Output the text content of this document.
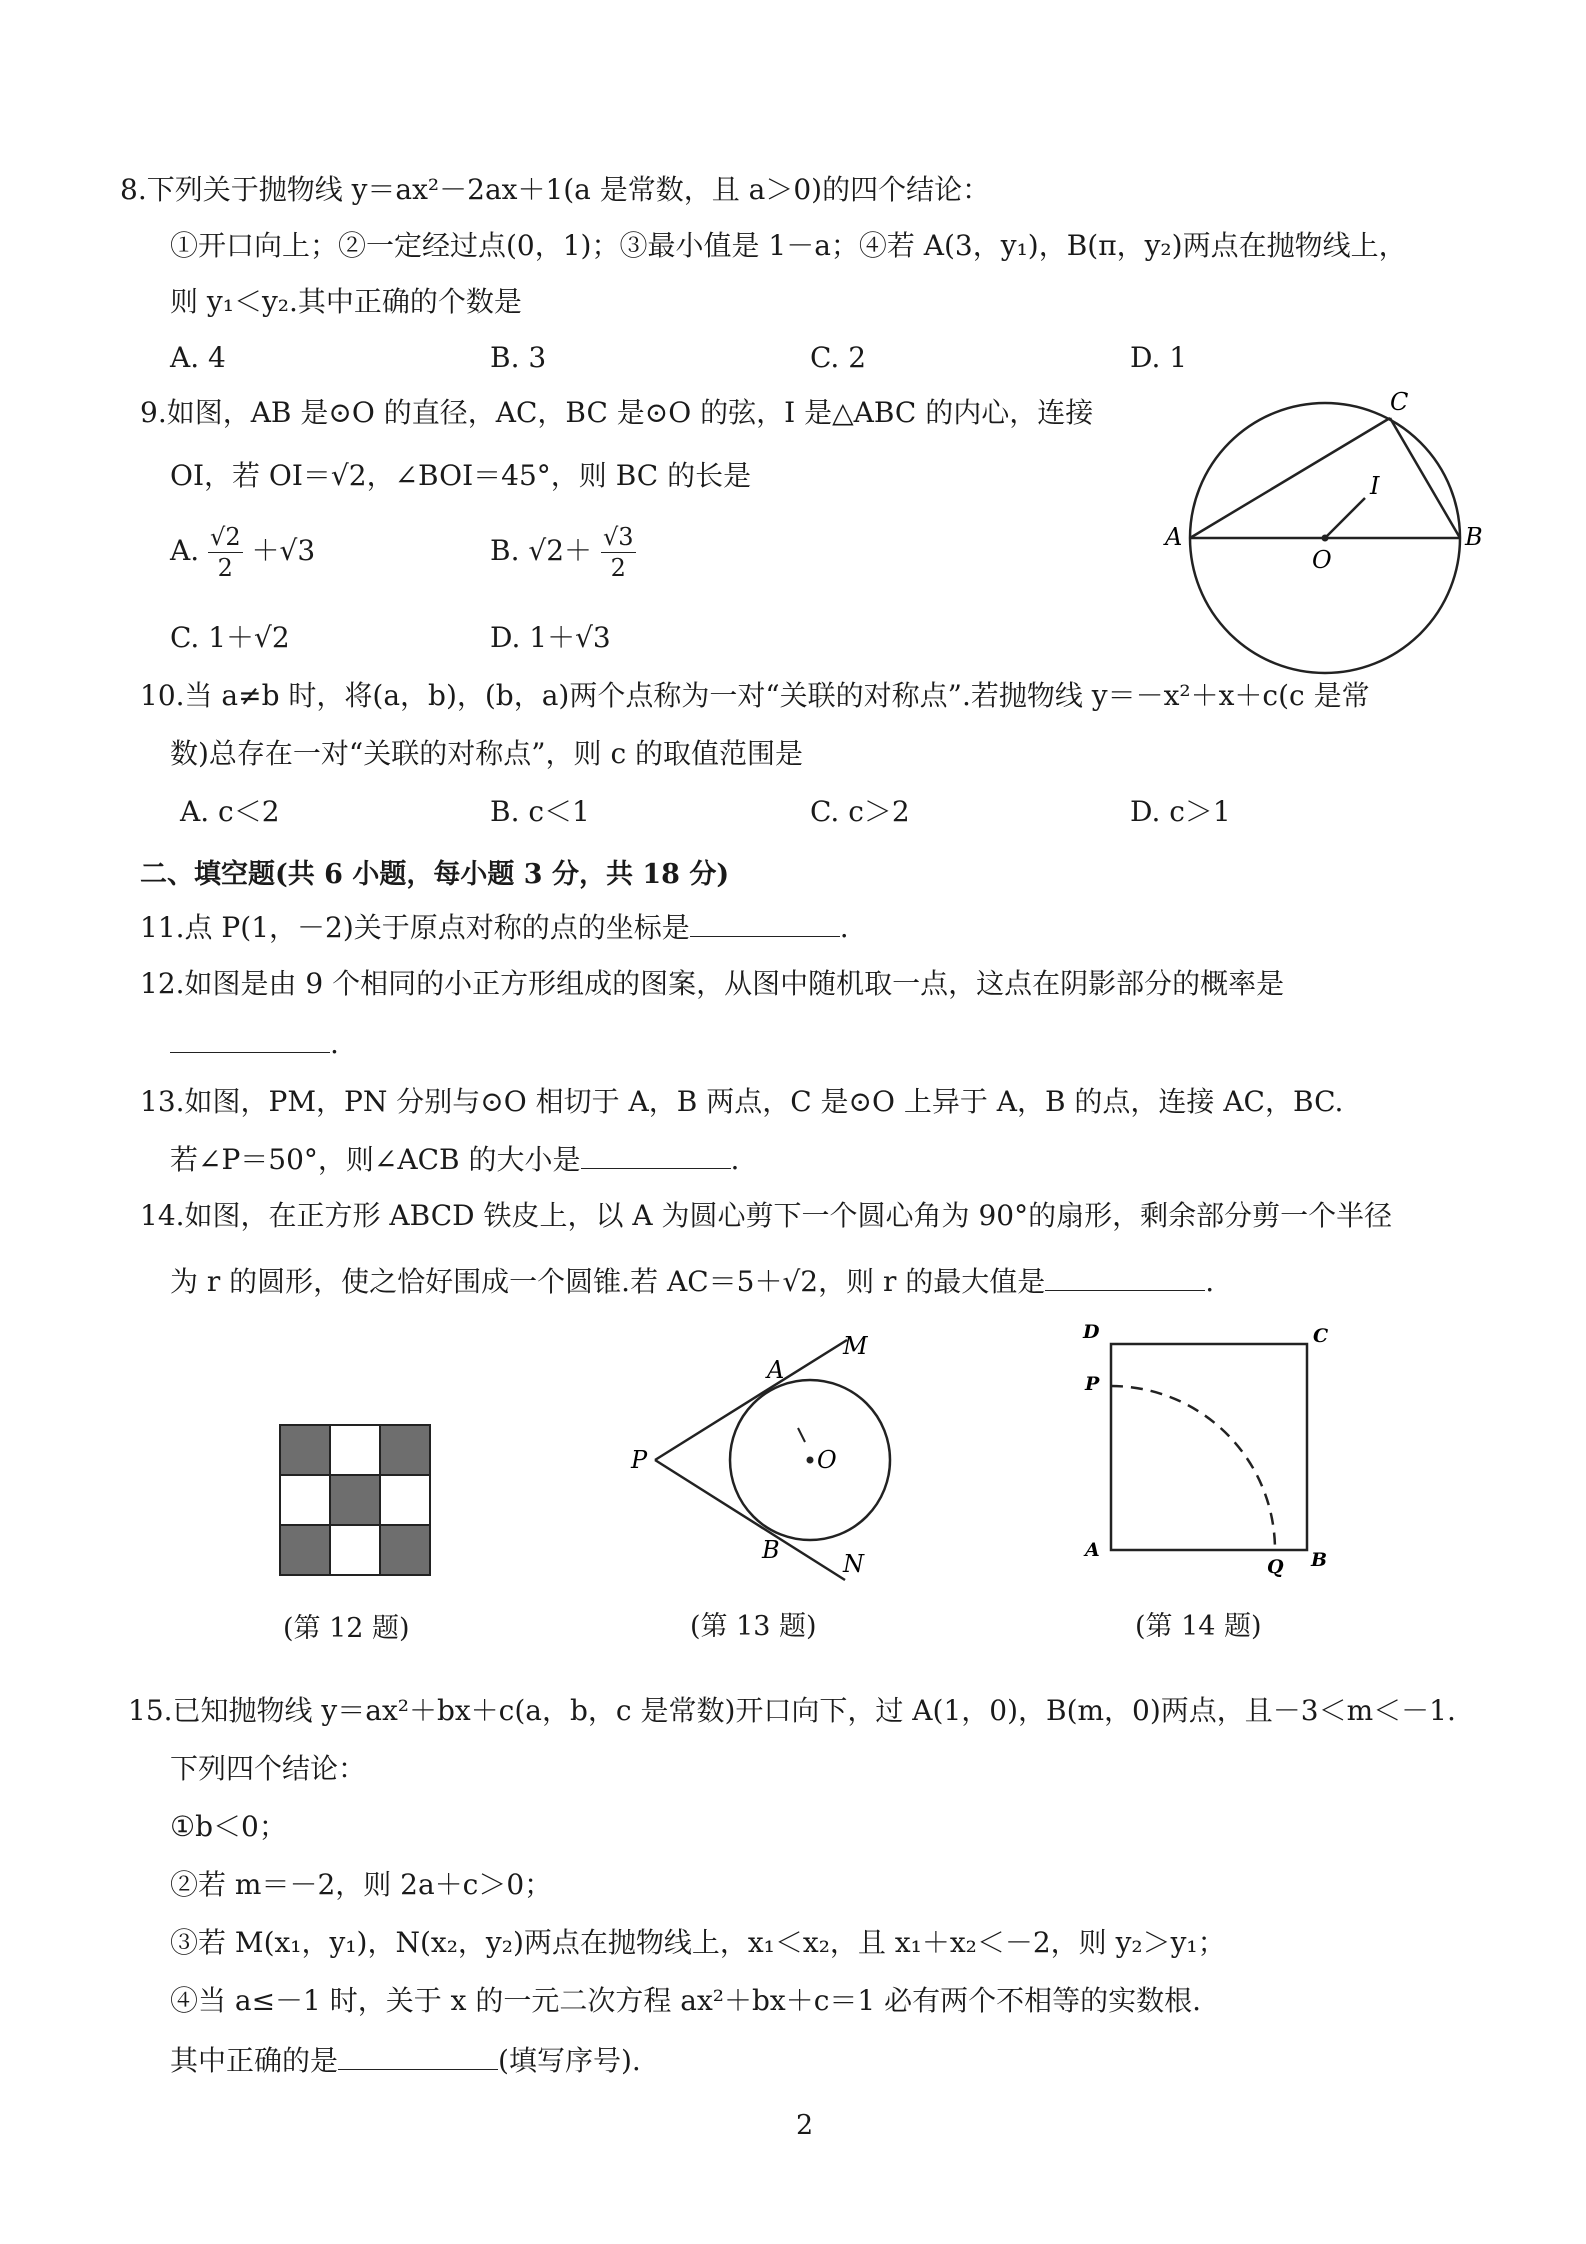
8.下列关于抛物线 y＝ax²－2ax＋1(a 是常数，且 a＞0)的四个结论：
①开口向上；②一定经过点(0，1)；③最小值是 1－a；④若 A(3，y₁)，B(π，y₂)两点在抛物线上，
则 y₁＜y₂.其中正确的个数是
A. 4	B. 3	C. 2	D. 1
9.如图，AB 是⊙O 的直径，AC，BC 是⊙O 的弦，I 是△ABC 的内心，连接
OI，若 OI＝√2，∠BOI＝45°，则 BC 的长是
A. $\frac{√2}{2} +√3$	B. $√2+ \frac{√3}{2}$
C. 1＋√2	D. 1＋√3
A	B
C
O
I
10.当 a≠b 时，将(a，b)，(b，a)两个点称为一对“关联的对称点”.若抛物线 y＝－x²＋x＋c(c 是常
数)总存在一对“关联的对称点”，则 c 的取值范围是
A. c＜2	B. c＜1	C. c＞2	D. c＞1
二、填空题(共 6 小题，每小题 3 分，共 18 分)
11.点 P(1，－2)关于原点对称的点的坐标是	.
12.如图是由 9 个相同的小正方形组成的图案，从图中随机取一点，这点在阴影部分的概率是
.
13.如图，PM，PN 分别与⊙O 相切于 A，B 两点，C 是⊙O 上异于 A，B 的点，连接 AC，BC.
若∠P＝50°，则∠ACB 的大小是	.
14.如图，在正方形 ABCD 铁皮上，以 A 为圆心剪下一个圆心角为 90°的扇形，剩余部分剪一个半径
为 r 的圆形，使之恰好围成一个圆锥.若 AC＝5＋√2，则 r 的最大值是	.
P
A
M
B	N
O
D	C
P
A
Q B
(第 12 题)	(第 13 题)	(第 14 题)
15.已知抛物线 y＝ax²＋bx＋c(a，b，c 是常数)开口向下，过 A(1，0)，B(m，0)两点，且－3＜m＜－1.
下列四个结论：
①b＜0；
②若 m＝－2，则 2a＋c＞0；
③若 M(x₁，y₁)，N(x₂，y₂)两点在抛物线上，x₁＜x₂，且 x₁＋x₂＜－2，则 y₂＞y₁；
④当 a≤－1 时，关于 x 的一元二次方程 ax²＋bx＋c＝1 必有两个不相等的实数根.
其中正确的是	(填写序号).
2
